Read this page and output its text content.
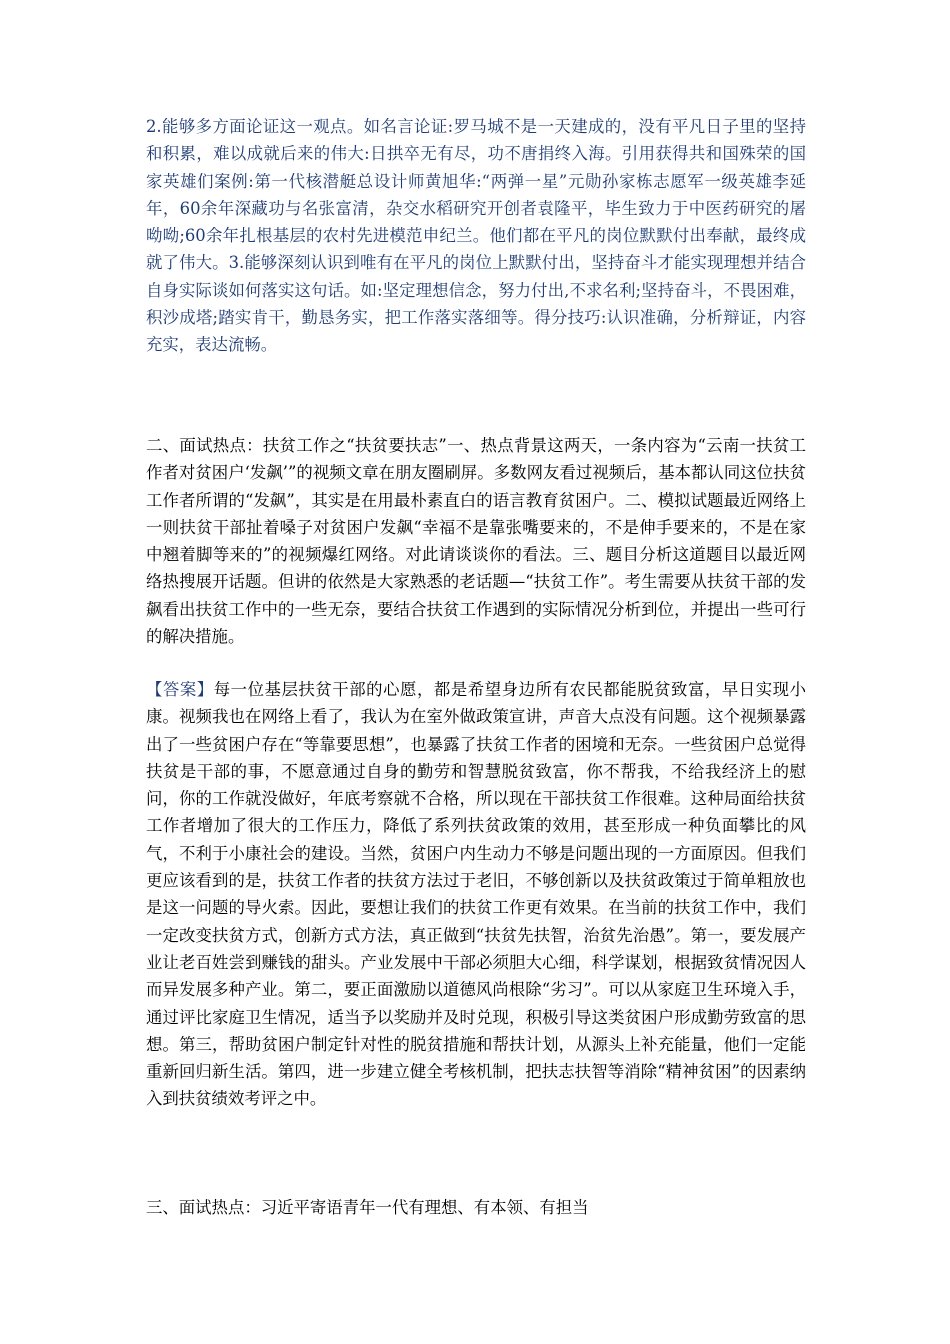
2.能够多方面论证这一观点。如名言论证:罗马城不是一天建成的，没有平凡日子里的坚持和积累，难以成就后来的伟大:日拱卒无有尽，功不唐捐终入海。引用获得共和国殊荣的国家英雄们案例:第一代核潜艇总设计师黄旭华:“两弹一星”元勋孙家栋志愿军一级英雄李延年，60余年深藏功与名张富清，杂交水稻研究开创者袁隆平，毕生致力于中医药研究的屠呦呦;60余年扎根基层的农村先进模范申纪兰。他们都在平凡的岗位默默付出奉献，最终成就了伟大。3.能够深刻认识到唯有在平凡的岗位上默默付出，坚持奋斗才能实现理想并结合自身实际谈如何落实这句话。如:坚定理想信念，努力付出,不求名利;坚持奋斗，不畏困难，积沙成塔;踏实肯干，勤恳务实，把工作落实落细等。得分技巧:认识准确，分析辩证，内容充实，表达流畅。

二、面试热点：扶贫工作之“扶贫要扶志”一、热点背景这两天，一条内容为“云南一扶贫工作者对贫困户‘发飙’”的视频文章在朋友圈刷屏。多数网友看过视频后，基本都认同这位扶贫工作者所谓的“发飙”，其实是在用最朴素直白的语言教育贫困户。二、模拟试题最近网络上一则扶贫干部扯着嗓子对贫困户发飙“幸福不是靠张嘴要来的，不是伸手要来的，不是在家中翘着脚等来的”的视频爆红网络。对此请谈谈你的看法。三、题目分析这道题目以最近网络热搜展开话题。但讲的依然是大家熟悉的老话题—“扶贫工作”。考生需要从扶贫干部的发飙看出扶贫工作中的一些无奈，要结合扶贫工作遇到的实际情况分析到位，并提出一些可行的解决措施。

【答案】每一位基层扶贫干部的心愿，都是希望身边所有农民都能脱贫致富，早日实现小康。视频我也在网络上看了，我认为在室外做政策宣讲，声音大点没有问题。这个视频暴露出了一些贫困户存在“等靠要思想”，也暴露了扶贫工作者的困境和无奈。一些贫困户总觉得扶贫是干部的事，不愿意通过自身的勤劳和智慧脱贫致富，你不帮我，不给我经济上的慰问，你的工作就没做好，年底考察就不合格，所以现在干部扶贫工作很难。这种局面给扶贫工作者增加了很大的工作压力，降低了系列扶贫政策的效用，甚至形成一种负面攀比的风气，不利于小康社会的建设。当然，贫困户内生动力不够是问题出现的一方面原因。但我们更应该看到的是，扶贫工作者的扶贫方法过于老旧，不够创新以及扶贫政策过于简单粗放也是这一问题的导火索。因此，要想让我们的扶贫工作更有效果。在当前的扶贫工作中，我们一定改变扶贫方式，创新方式方法，真正做到“扶贫先扶智，治贫先治愚”。第一，要发展产业让老百姓尝到赚钱的甜头。产业发展中干部必须胆大心细，科学谋划，根据致贫情况因人而异发展多种产业。第二，要正面激励以道德风尚根除“劣习”。可以从家庭卫生环境入手，通过评比家庭卫生情况，适当予以奖励并及时兑现，积极引导这类贫困户形成勤劳致富的思想。第三，帮助贫困户制定针对性的脱贫措施和帮扶计划，从源头上补充能量，他们一定能重新回归新生活。第四，进一步建立健全考核机制，把扶志扶智等消除“精神贫困”的因素纳入到扶贫绩效考评之中。

三、面试热点：习近平寄语青年一代有理想、有本领、有担当
